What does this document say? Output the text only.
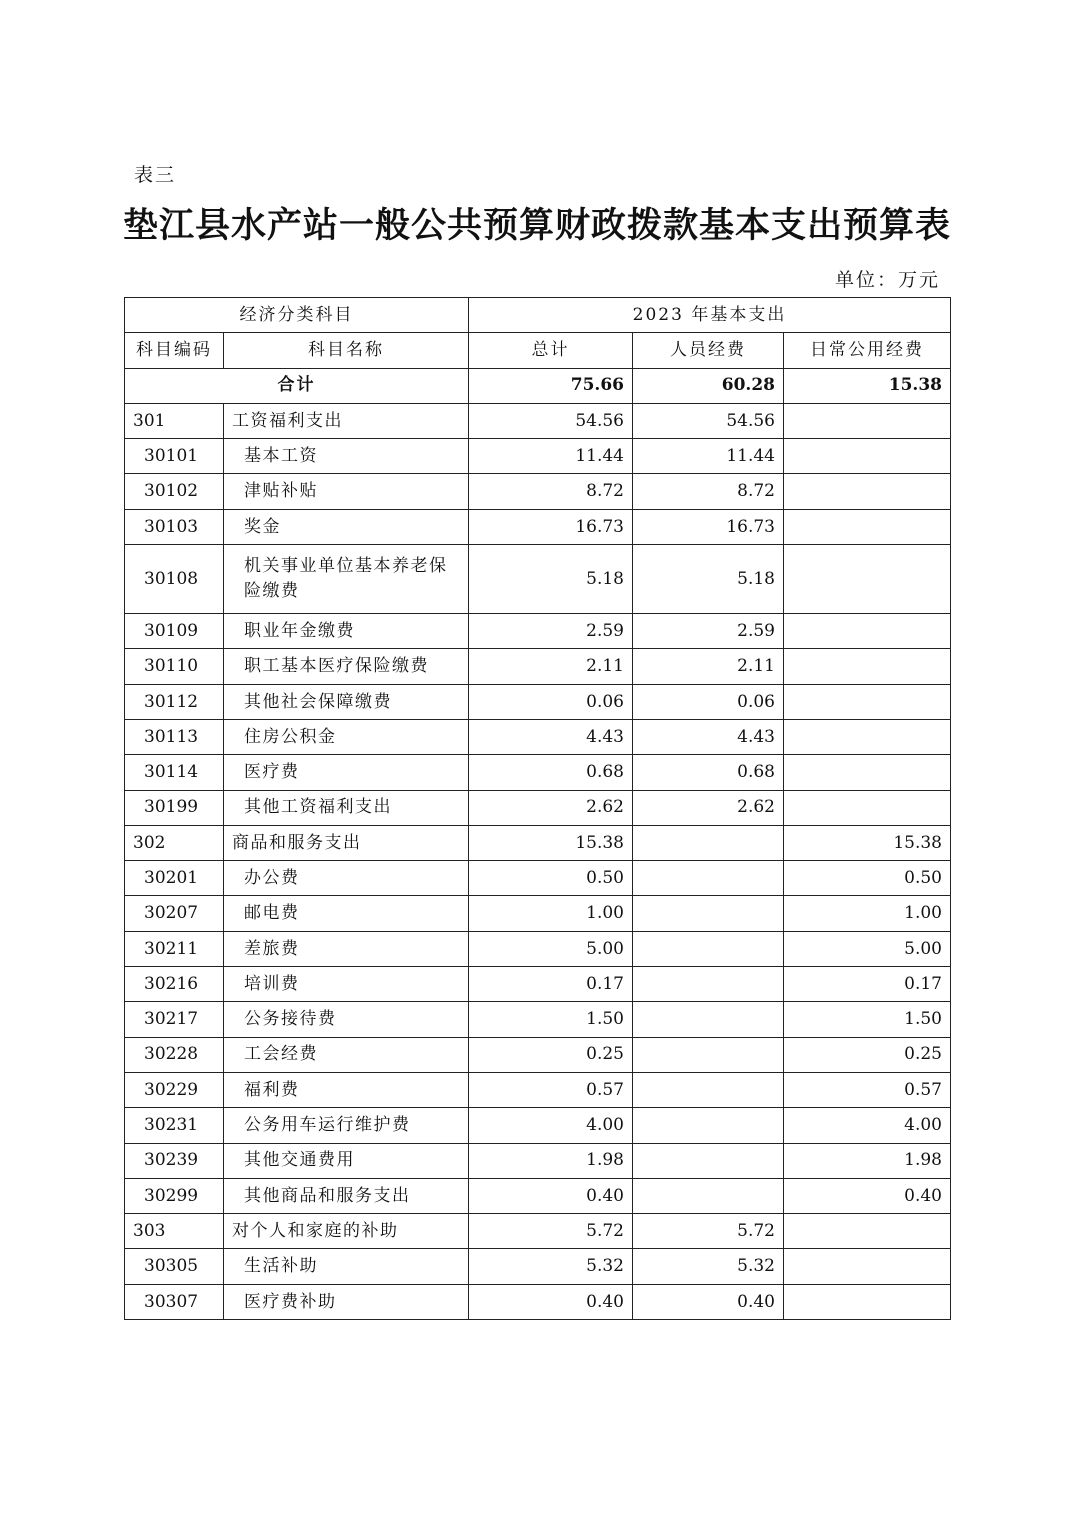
表三
垫江县水产站一般公共预算财政拨款基本支出预算表
单位：万元
经济分类科目		2023 年基本支出		
科目编码	科目名称	总计	人员经费	日常公用经费
合计		75.66	60.28	15.38
301	工资福利支出	54.56	54.56	
30101	基本工资	11.44	11.44	
30102	津贴补贴	8.72	8.72	
30103	奖金	16.73	16.73	
30108	机关事业单位基本养老保险缴费	5.18	5.18	
30109	职业年金缴费	2.59	2.59	
30110	职工基本医疗保险缴费	2.11	2.11	
30112	其他社会保障缴费	0.06	0.06	
30113	住房公积金	4.43	4.43	
30114	医疗费	0.68	0.68	
30199	其他工资福利支出	2.62	2.62	
302	商品和服务支出	15.38		15.38
30201	办公费	0.50		0.50
30207	邮电费	1.00		1.00
30211	差旅费	5.00		5.00
30216	培训费	0.17		0.17
30217	公务接待费	1.50		1.50
30228	工会经费	0.25		0.25
30229	福利费	0.57		0.57
30231	公务用车运行维护费	4.00		4.00
30239	其他交通费用	1.98		1.98
30299	其他商品和服务支出	0.40		0.40
303	对个人和家庭的补助	5.72	5.72	
30305	生活补助	5.32	5.32	
30307	医疗费补助	0.40	0.40	
